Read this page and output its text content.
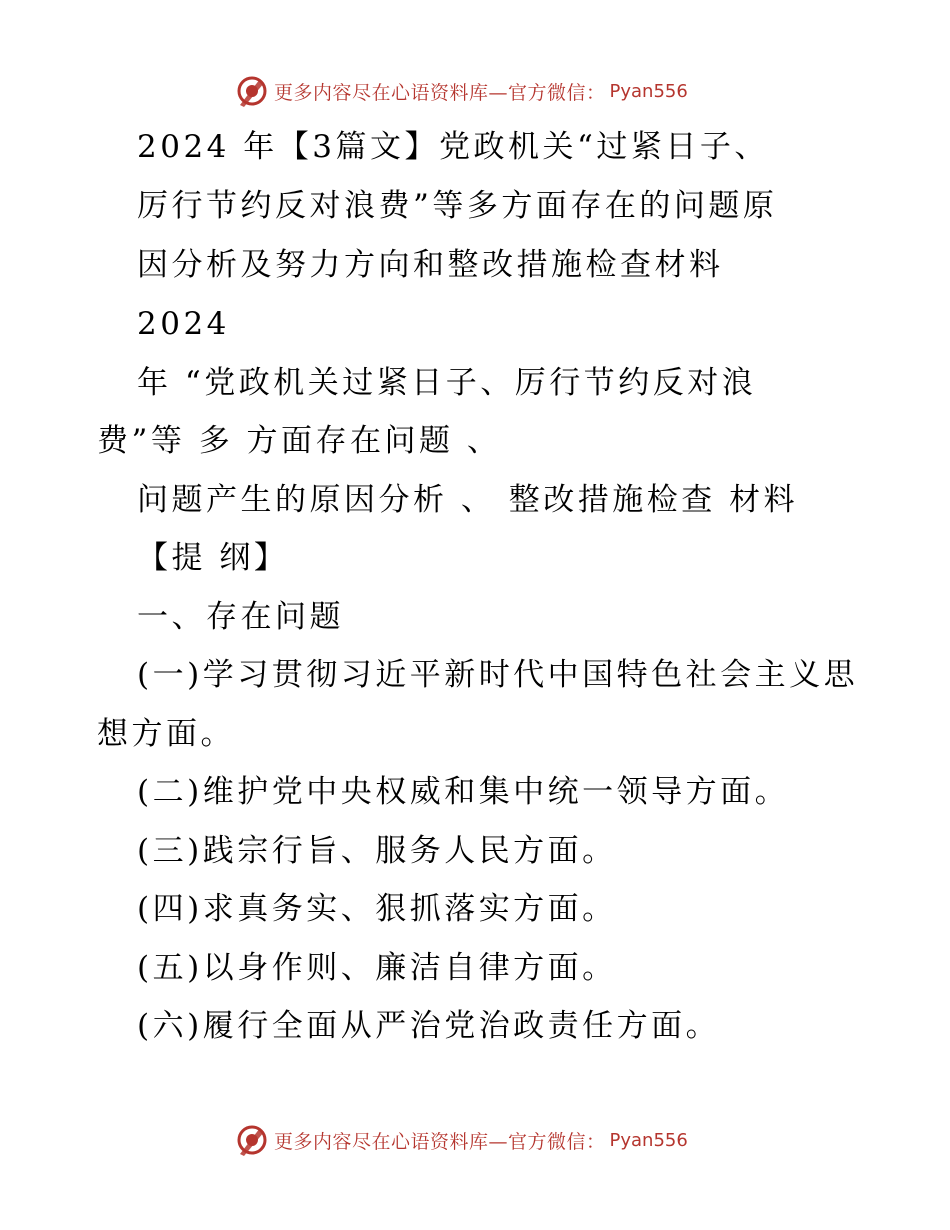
更多内容尽在心语资料库—官方微信： Pyan556
2024 年【3篇文】党政机关“过紧日子、
厉行节约反对浪费”等多方面存在的问题原
因分析及努力方向和整改措施检查材料
2024
年 “党政机关过紧日子、厉行节约反对浪
费”等 多 方面存在问题 、
问题产生的原因分析 、 整改措施检查 材料
【提 纲】
一、存在问题
(一)学习贯彻习近平新时代中国特色社会主义思
想方面。
(二)维护党中央权威和集中统一领导方面。
(三)践宗行旨、服务人民方面。
(四)求真务实、狠抓落实方面。
(五)以身作则、廉洁自律方面。
(六)履行全面从严治党治政责任方面。
更多内容尽在心语资料库—官方微信： Pyan556
